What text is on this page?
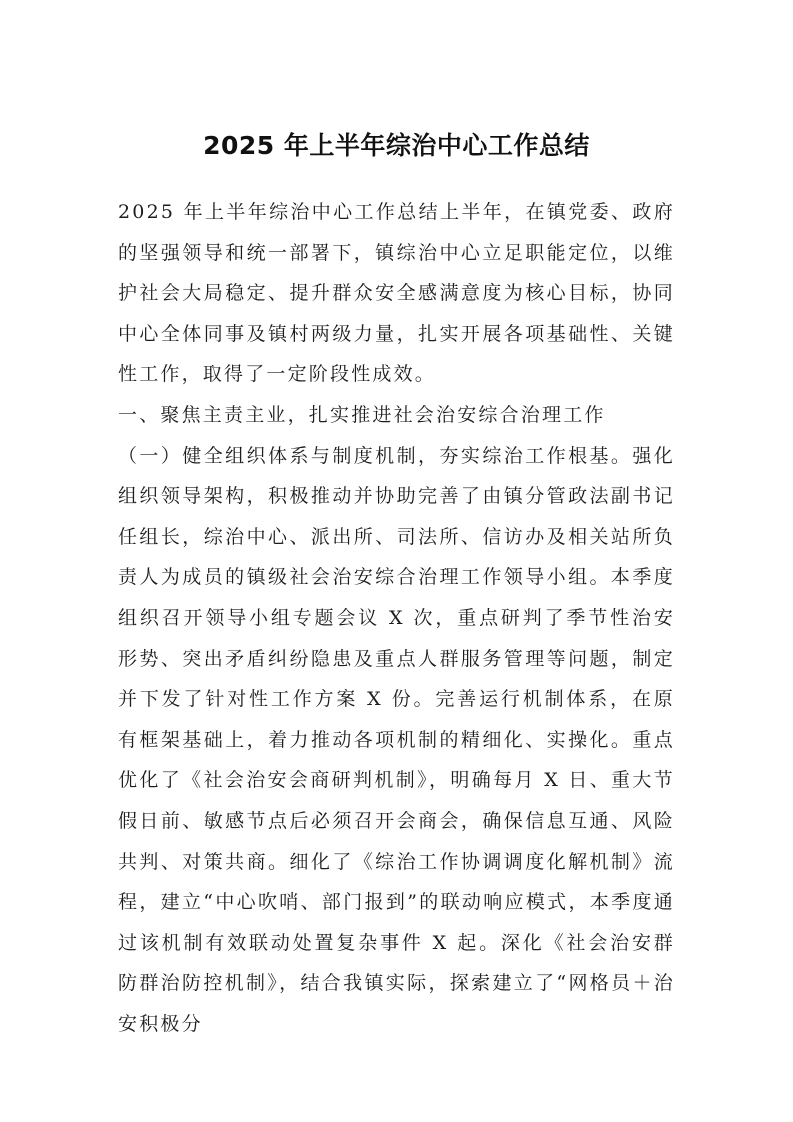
2025 年上半年综治中心工作总结

2025 年上半年综治中心工作总结上半年，在镇党委、政府的坚强领导和统一部署下，镇综治中心立足职能定位，以维护社会大局稳定、提升群众安全感满意度为核心目标，协同中心全体同事及镇村两级力量，扎实开展各项基础性、关键性工作，取得了一定阶段性成效。

一、聚焦主责主业，扎实推进社会治安综合治理工作

（一）健全组织体系与制度机制，夯实综治工作根基。强化组织领导架构，积极推动并协助完善了由镇分管政法副书记任组长，综治中心、派出所、司法所、信访办及相关站所负责人为成员的镇级社会治安综合治理工作领导小组。本季度组织召开领导小组专题会议 X 次，重点研判了季节性治安形势、突出矛盾纠纷隐患及重点人群服务管理等问题，制定并下发了针对性工作方案 X 份。完善运行机制体系，在原有框架基础上，着力推动各项机制的精细化、实操化。重点优化了《社会治安会商研判机制》，明确每月 X 日、重大节假日前、敏感节点后必须召开会商会，确保信息互通、风险共判、对策共商。细化了《综治工作协调调度化解机制》流程，建立“中心吹哨、部门报到”的联动响应模式，本季度通过该机制有效联动处置复杂事件 X 起。深化《社会治安群防群治防控机制》，结合我镇实际，探索建立了“网格员＋治安积极分
